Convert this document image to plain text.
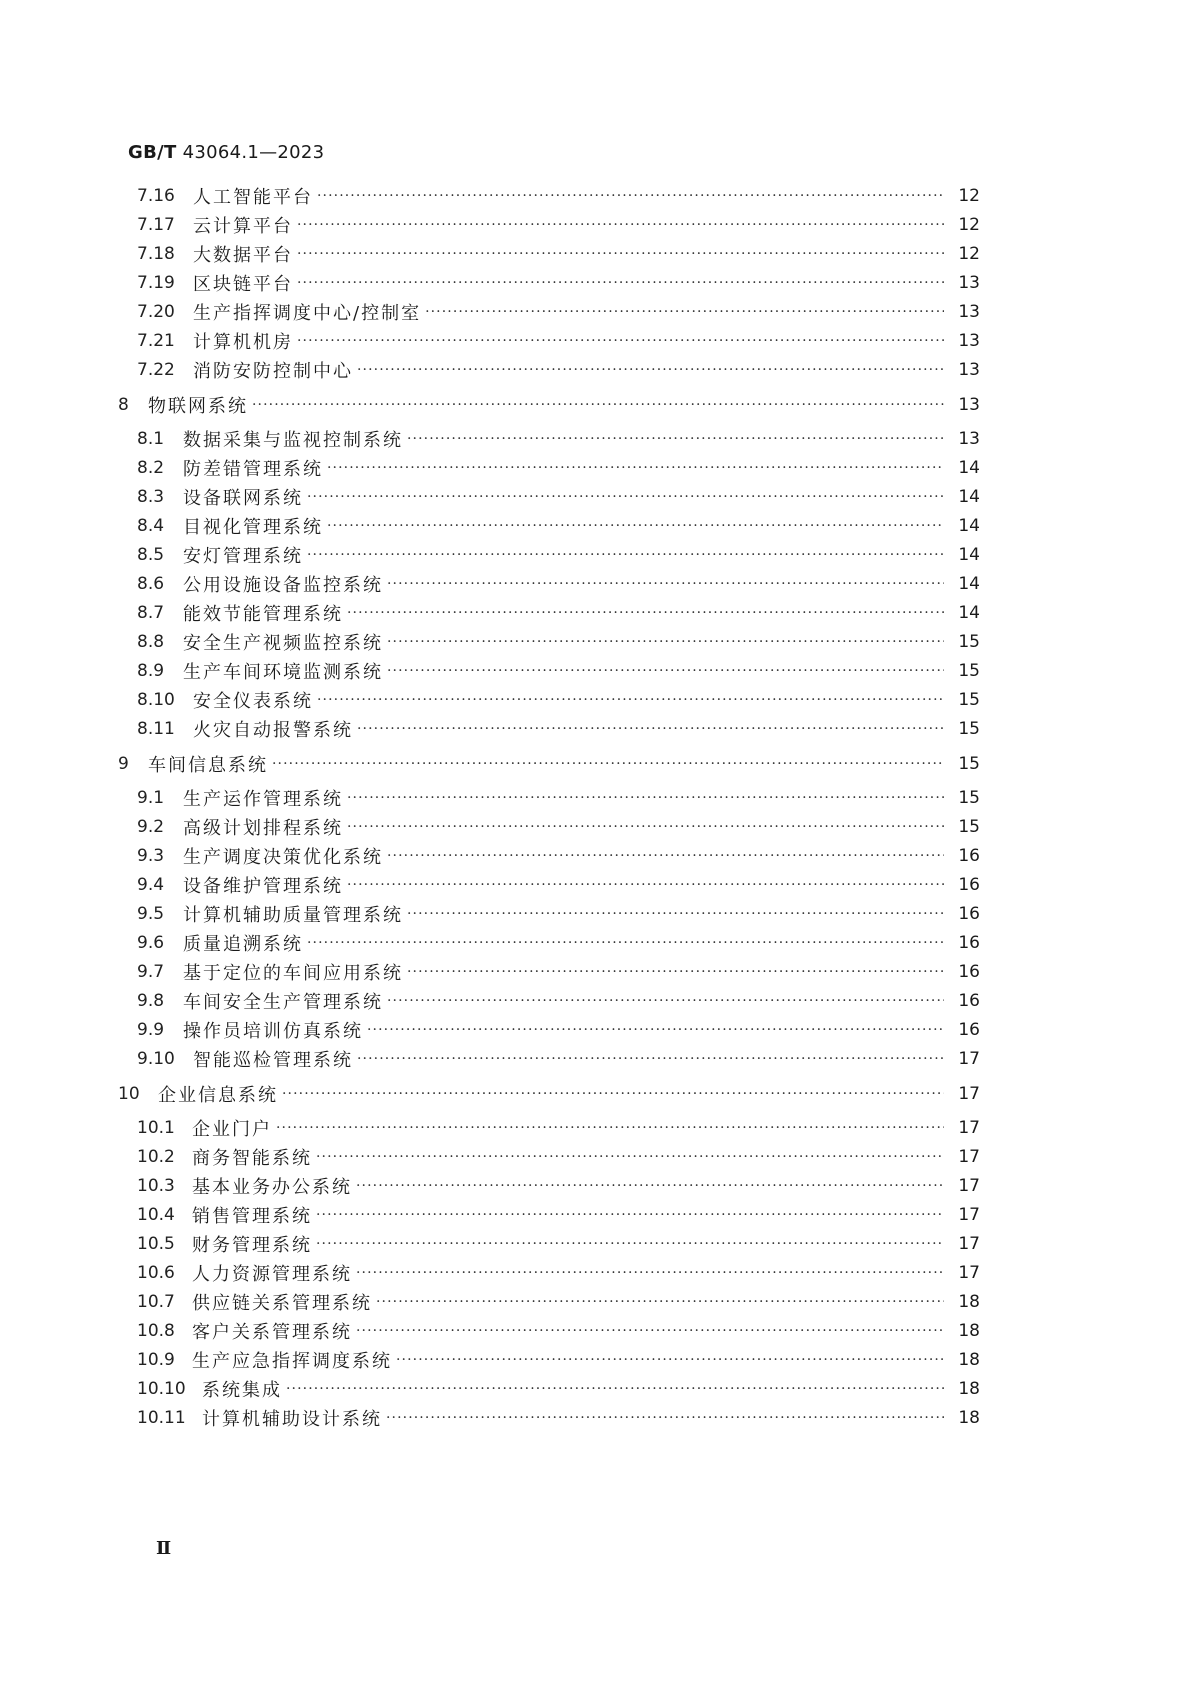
GB/T 43064.1—2023
7.16	人工智能平台 ·····	12
7.17	云计算平台 ·····	12
7.18	大数据平台 ·····	12
7.19	区块链平台 ·····	13
7.20	生产指挥调度中心/控制室 ·····	13
7.21	计算机机房 ·····	13
7.22	消防安防控制中心 ·····	13
8	物联网系统 ·····	13
8.1	数据采集与监视控制系统 ·····	13
8.2	防差错管理系统 ·····	14
8.3	设备联网系统 ·····	14
8.4	目视化管理系统 ·····	14
8.5	安灯管理系统 ·····	14
8.6	公用设施设备监控系统 ·····	14
8.7	能效节能管理系统 ·····	14
8.8	安全生产视频监控系统 ·····	15
8.9	生产车间环境监测系统 ·····	15
8.10	安全仪表系统 ·····	15
8.11	火灾自动报警系统 ·····	15
9	车间信息系统 ·····	15
9.1	生产运作管理系统 ·····	15
9.2	高级计划排程系统 ·····	15
9.3	生产调度决策优化系统 ·····	16
9.4	设备维护管理系统 ·····	16
9.5	计算机辅助质量管理系统 ·····	16
9.6	质量追溯系统 ·····	16
9.7	基于定位的车间应用系统 ·····	16
9.8	车间安全生产管理系统 ·····	16
9.9	操作员培训仿真系统 ·····	16
9.10	智能巡检管理系统 ·····	17
10	企业信息系统 ·····	17
10.1 企业门户 ·····	17
10.2 商务智能系统 ·····	17
10.3 基本业务办公系统 ·····	17
10.4 销售管理系统 ·····	17
10.5 财务管理系统 ·····	17
10.6 人力资源管理系统 ·····	17
10.7 供应链关系管理系统 ·····	18
10.8 客户关系管理系统 ·····	18
10.9 生产应急指挥调度系统 ·····	18
10.10 系统集成 ·····	18
10.11 计算机辅助设计系统 ·····	18
Ⅱ
